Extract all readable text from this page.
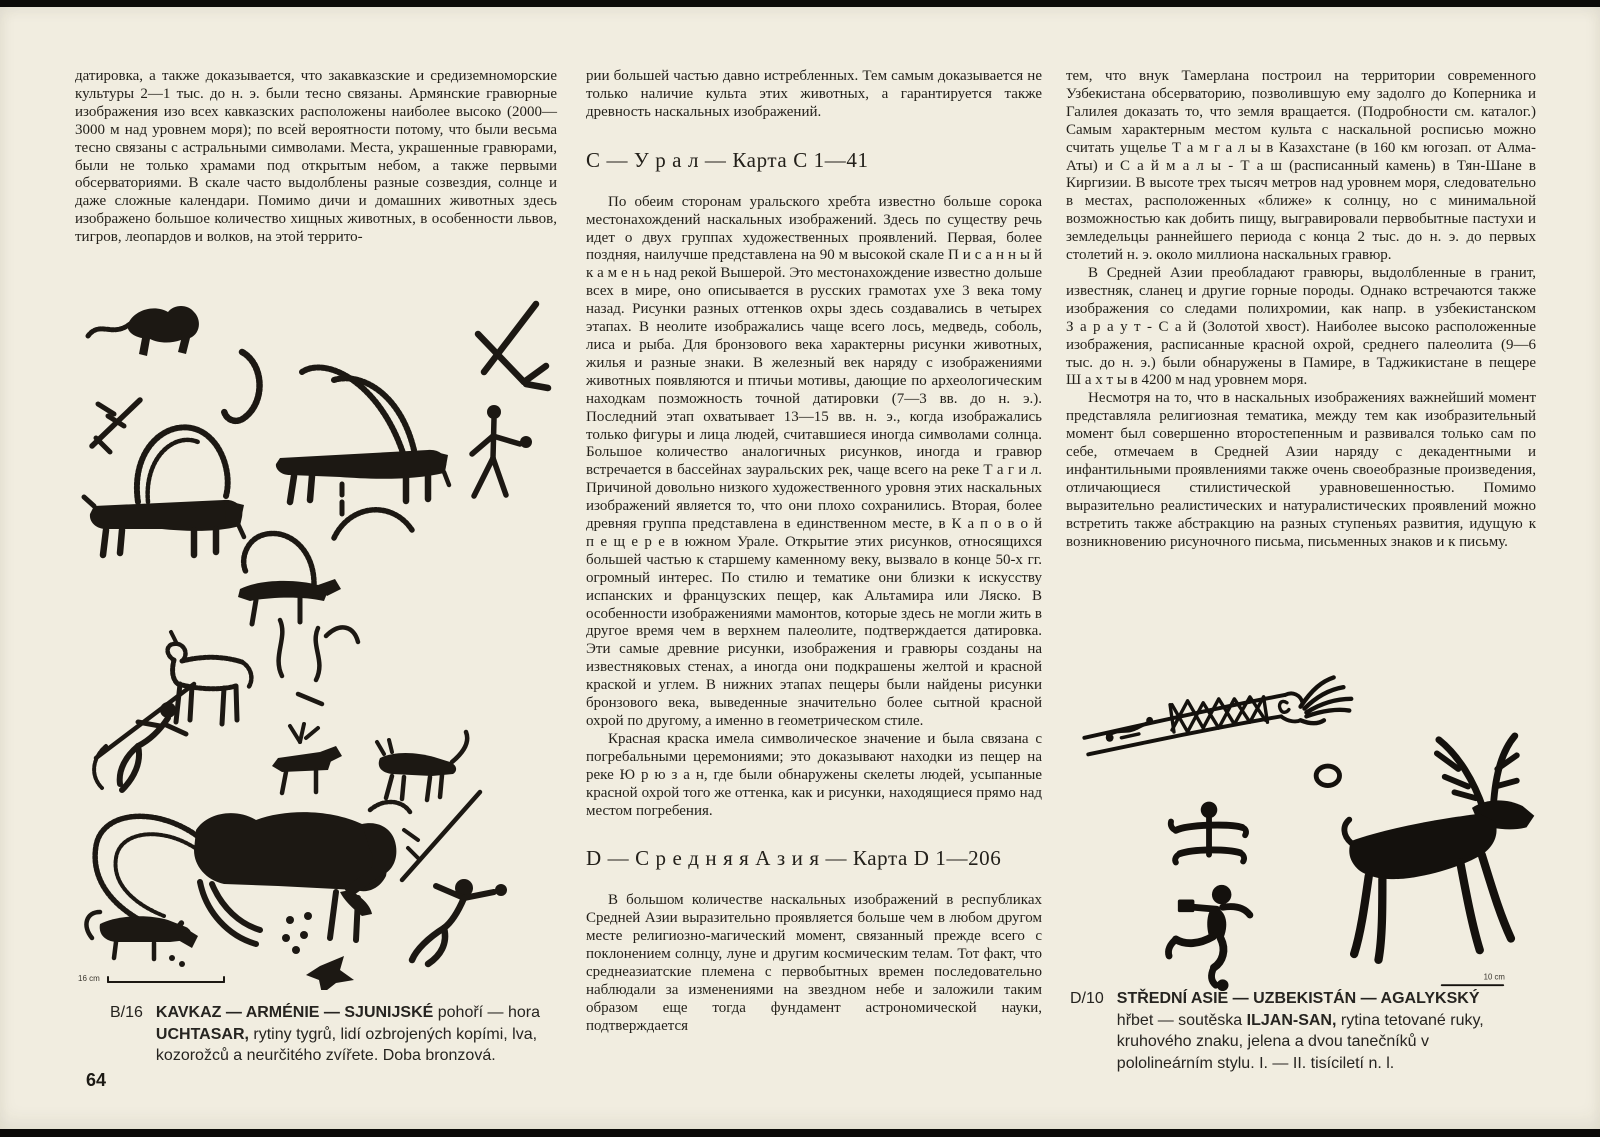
датировка, а также доказывается, что закавказские и средиземноморские культуры 2—1 тыс. до н. э. были тесно связаны. Армянские гравюрные изображения изо всех кавказских расположены наиболее высоко (2000—3000 м над уровнем моря); по всей вероятности потому, что были весьма тесно связаны с астральными символами. Места, украшенные гравюрами, были не только храмами под открытым небом, а также первыми обсерваториями. В скале часто выдолблены разные созвездия, солнце и даже сложные календари. Помимо дичи и домашних животных здесь изображено большое количество хищных животных, в особенности львов, тигров, леопардов и волков, на этой террито-

16 cm
B/16 KAVKAZ — ARMÉNIE — SJUNIJSKÉ pohoří — hora UCHTASAR, rytiny tygrů, lidí ozbrojených kopími, lva, kozorožců a neurčitého zvířete. Doba bronzová.

рии большей частью давно истребленных. Тем самым доказывается не только наличие культа этих животных, а гарантируется также древность наскальных изображений.

С — У р а л — Карта С 1—41

По обеим сторонам уральского хребта известно больше сорока местонахождений наскальных изображений. Здесь по существу речь идет о двух группах художественных проявлений. Первая, более поздняя, наилучше представлена на 90 м высокой скале П и с а н н ы й к а м е н ь над рекой Вышерой. Это местонахождение известно дольше всех в мире, оно описывается в русских грамотах ухе 3 века тому назад. Рисунки разных оттенков охры здесь создавались в четырех этапах. В неолите изображались чаще всего лось, медведь, соболь, лиса и рыба. Для бронзового века характерны рисунки животных, жилья и разные знаки. В железный век наряду с изображениями животных появляются и птичьи мотивы, дающие по археологическим находкам позможность точной датировки (7—3 вв. до н. э.). Последний этап охватывает 13—15 вв. н. э., когда изображались только фигуры и лица людей, считавшиеся иногда символами солнца. Большое количество аналогичных рисунков, иногда и гравюр встречается в бассейнах зауральских рек, чаще всего на реке Т а г и л. Причиной довольно низкого художественного уровня этих наскальных изображений является то, что они плохо сохранились. Вторая, более древняя группа представлена в единственном месте, в К а п о в о й п е щ е р е в южном Урале. Открытие этих рисунков, относящихся большей частью к старшему каменному веку, вызвало в конце 50-х гг. огромный интерес. По стилю и тематике они близки к искусству испанских и французских пещер, как Альтамира или Ляско. В особенности изображениями мамонтов, которые здесь не могли жить в другое время чем в верхнем палеолите, подтверждается датировка. Эти самые древние рисунки, изображения и гравюры созданы на известняковых стенах, а иногда они подкрашены желтой и красной краской и углем. В нижних этапах пещеры были найдены рисунки бронзового века, выведенные значительно более сытной красной охрой по другому, а именно в геометрическом стиле.

Красная краска имела символическое значение и была связана с погребальными церемониями; это доказывают находки из пещер на реке Ю р ю з а н, где были обнаружены скелеты людей, усыпанные красной охрой того же оттенка, как и рисунки, находящиеся прямо над местом погребения.

D — С р е д н я я А з и я — Карта D 1—206

В большом количестве наскальных изображений в республиках Средней Азии выразительно проявляется больше чем в любом другом месте религиозно-магический момент, связанный прежде всего с поклонением солнцу, луне и другим космическим телам. Тот факт, что среднеазиатские племена с первобытных времен последовательно наблюдали за изменениями на звездном небе и заложили таким образом еще тогда фундамент астрономической науки, подтверждается

тем, что внук Тамерлана построил на территории современного Узбекистана обсерваторию, позволившую ему задолго до Коперника и Галилея доказать то, что земля вращается. (Подробности см. каталог.) Самым характерным местом культа с наскальной росписью можно считать ущелье Т а м г а л ы в Казахстане (в 160 км югозап. от Алма-Аты) и С а й м а л ы - Т а ш (расписанный камень) в Тян-Шане в Киргизии. В высоте трех тысяч метров над уровнем моря, следовательно в местах, расположенных «ближе» к солнцу, но с минимальной возможностью как добить пищу, выгравировали первобытные пастухи и земледельцы раннейшего периода с конца 2 тыс. до н. э. до первых столетий н. э. около миллиона наскальных гравюр.

В Средней Азии преобладают гравюры, выдолбленные в гранит, известняк, сланец и другие горные породы. Однако встречаются также изображения со следами полихромии, как напр. в узбекистанском З а р а у т - С а й (Золотой хвост). Наиболее высоко расположенные изображения, расписанные красной охрой, среднего палеолита (9—6 тыс. до н. э.) были обнаружены в Памире, в Таджикистане в пещере Ш а х т ы в 4200 м над уровнем моря.

Несмотря на то, что в наскальных изображениях важнейший момент представляла религиозная тематика, между тем как изобразительный момент был совершенно второстепенным и развивался только сам по себе, отмечаем в Средней Азии наряду с декадентными и инфантильными проявлениями также очень своеобразные произведения, отличающиеся стилистической уравновешенностью. Помимо выразительно реалистических и натуралистических проявлений можно встретить также абстракцию на разных ступеньях развития, идущую к возникновению рисуночного письма, письменных знаков и к письму.

10 cm
D/10 STŘEDNÍ ASIE — UZBEKISTÁN — AGALYKSKÝ hřbet — soutěska ILJAN-SAN, rytina tetované ruky, kruhového znaku, jelena a dvou tanečníků v pololineárním stylu. I. — II. tisíciletí n. l.
64
